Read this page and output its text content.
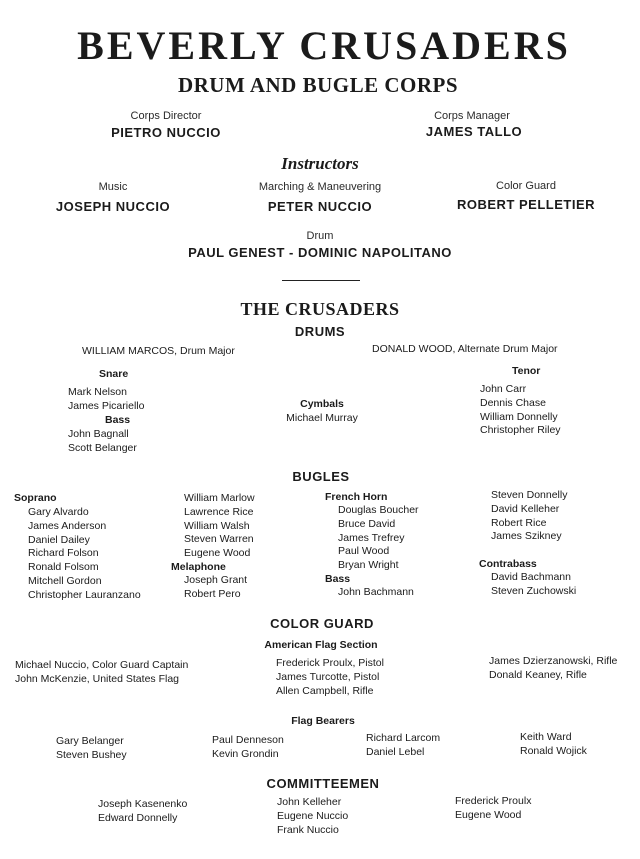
BEVERLY CRUSADERS
DRUM AND BUGLE CORPS
Corps Director
PIETRO NUCCIO
Corps Manager
JAMES TALLO
Instructors
Music
JOSEPH NUCCIO
Marching & Maneuvering
PETER NUCCIO
Color Guard
ROBERT PELLETIER
Drum
PAUL GENEST - DOMINIC NAPOLITANO
THE CRUSADERS
DRUMS
WILLIAM MARCOS, Drum Major	DONALD WOOD, Alternate Drum Major
Snare
Mark Nelson
James Picariello
Bass
John Bagnall
Scott Belanger
Cymbals
Michael Murray
Tenor
John Carr
Dennis Chase
William Donnelly
Christopher Riley
BUGLES
Soprano
Gary Alvardo
James Anderson
Daniel Dailey
Richard Folson
Ronald Folsom
Mitchell Gordon
Christopher Lauranzano
William Marlow
Lawrence Rice
William Walsh
Steven Warren
Eugene Wood
Melaphone
Joseph Grant
Robert Pero
French Horn
Douglas Boucher
Bruce David
James Trefrey
Paul Wood
Bryan Wright
Bass
John Bachmann
Steven Donnelly
David Kelleher
Robert Rice
James Szikney
Contrabass
David Bachmann
Steven Zuchowski
COLOR GUARD
American Flag Section
Michael Nuccio, Color Guard Captain
John McKenzie, United States Flag
Frederick Proulx, Pistol
James Turcotte, Pistol
Allen Campbell, Rifle
James Dzierzanowski, Rifle
Donald Keaney, Rifle
Flag Bearers
Gary Belanger
Steven Bushey
Paul Denneson
Kevin Grondin
Richard Larcom
Daniel Lebel
Keith Ward
Ronald Wojick
COMMITTEEMEN
Joseph Kasenenko
Edward Donnelly
John Kelleher
Eugene Nuccio
Frank Nuccio
Frederick Proulx
Eugene Wood
